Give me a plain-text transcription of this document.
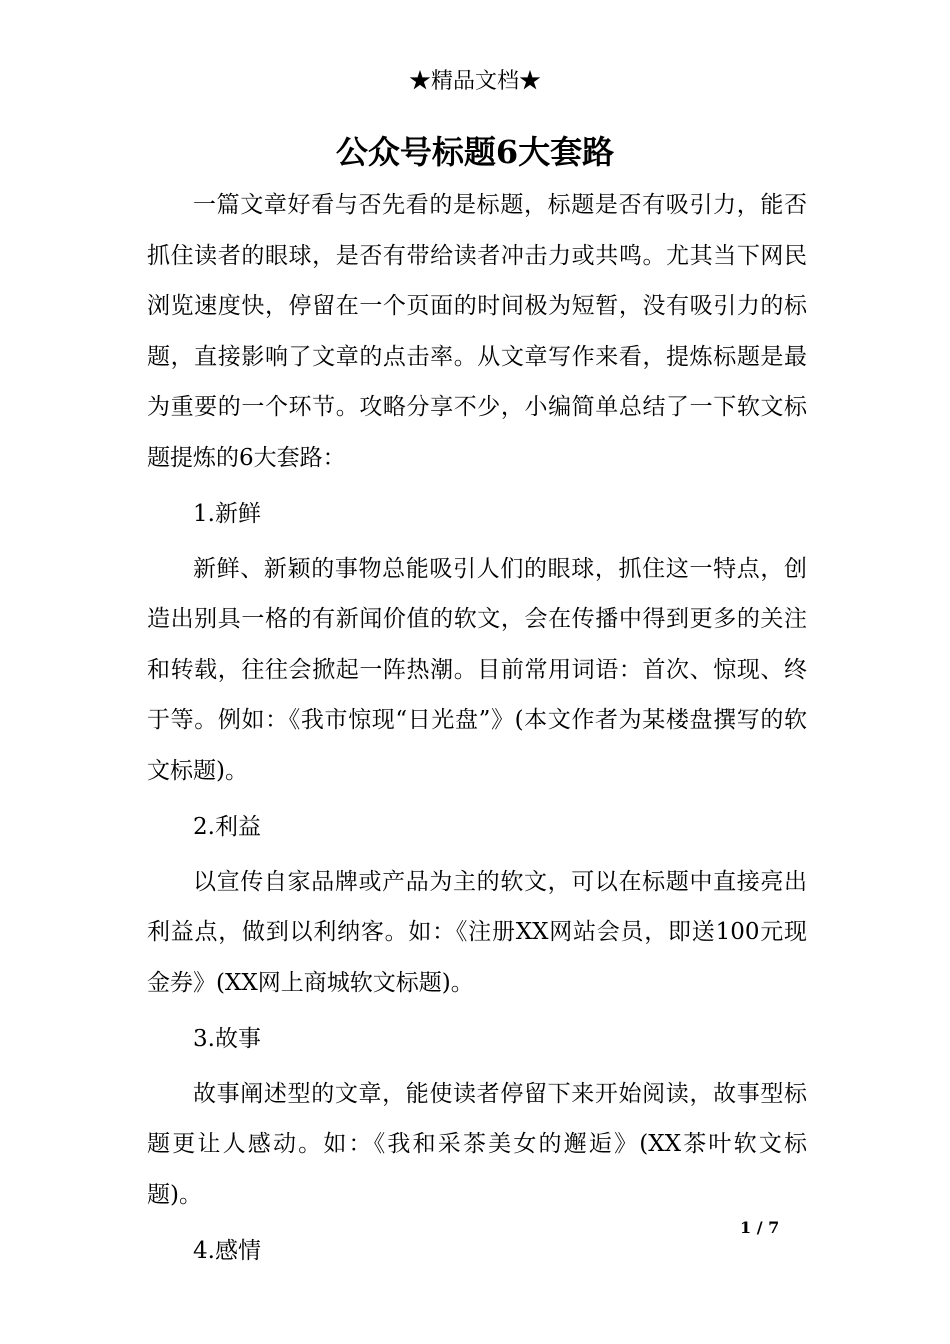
★精品文档★
公众号标题6大套路

一篇文章好看与否先看的是标题，标题是否有吸引力，能否抓住读者的眼球，是否有带给读者冲击力或共鸣。尤其当下网民浏览速度快，停留在一个页面的时间极为短暂，没有吸引力的标题，直接影响了文章的点击率。从文章写作来看，提炼标题是最为重要的一个环节。攻略分享不少，小编简单总结了一下软文标题提炼的6大套路：

1.新鲜

新鲜、新颖的事物总能吸引人们的眼球，抓住这一特点，创造出别具一格的有新闻价值的软文，会在传播中得到更多的关注和转载，往往会掀起一阵热潮。目前常用词语：首次、惊现、终于等。例如：《我市惊现“日光盘”》(本文作者为某楼盘撰写的软文标题)。

2.利益

以宣传自家品牌或产品为主的软文，可以在标题中直接亮出利益点，做到以利纳客。如：《注册XX网站会员，即送100元现金券》(XX网上商城软文标题)。

3.故事

故事阐述型的文章，能使读者停留下来开始阅读，故事型标题更让人感动。如：《我和采茶美女的邂逅》(XX茶叶软文标题)。

4.感情

1 / 7
